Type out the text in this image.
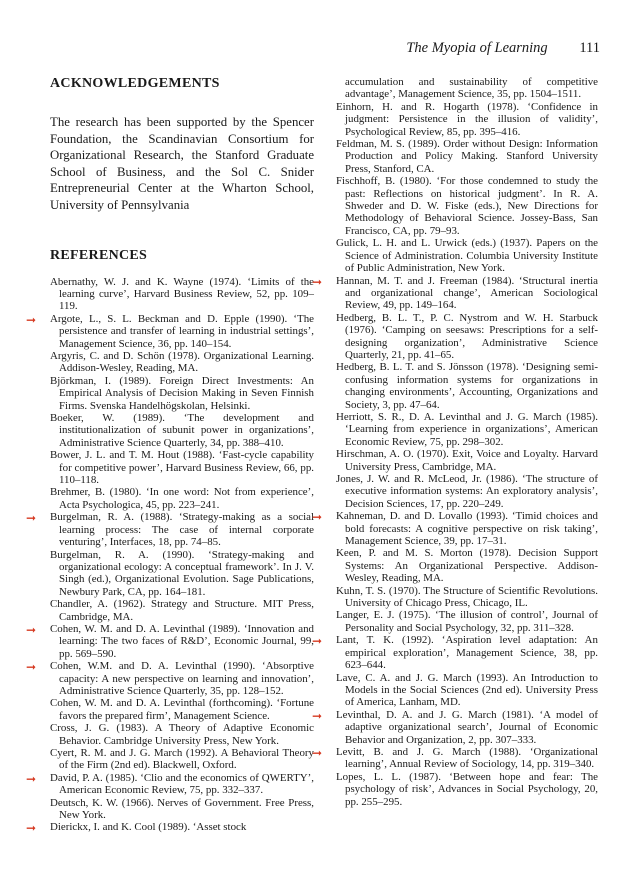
The Myopia of Learning 111
ACKNOWLEDGEMENTS

The research has been supported by the Spencer Foundation, the Scandinavian Consortium for Organizational Research, the Stanford Graduate School of Business, and the Sol C. Snider Entrepreneurial Center at the Wharton School, University of Pennsylvania

REFERENCES

Abernathy, W. J. and K. Wayne (1974). ‘Limits of the learning curve’, Harvard Business Review, 52, pp. 109–119.

➞ Argote, L., S. L. Beckman and D. Epple (1990). ‘The persistence and transfer of learning in industrial settings’, Management Science, 36, pp. 140–154.

Argyris, C. and D. Schön (1978). Organizational Learning. Addison-Wesley, Reading, MA.

Björkman, I. (1989). Foreign Direct Investments: An Empirical Analysis of Decision Making in Seven Finnish Firms. Svenska Handelhögskolan, Helsinki.

Boeker, W. (1989). ‘The development and institutionalization of subunit power in organizations’, Administrative Science Quarterly, 34, pp. 388–410.

Bower, J. L. and T. M. Hout (1988). ‘Fast-cycle capability for competitive power’, Harvard Business Review, 66, pp. 110–118.

Brehmer, B. (1980). ‘In one word: Not from experience’, Acta Psychologica, 45, pp. 223–241.

➞ Burgelman, R. A. (1988). ‘Strategy-making as a social learning process: The case of internal corporate venturing’, Interfaces, 18, pp. 74–85.

Burgelman, R. A. (1990). ‘Strategy-making and organizational ecology: A conceptual framework’. In J. V. Singh (ed.), Organizational Evolution. Sage Publications, Newbury Park, CA, pp. 164–181.

Chandler, A. (1962). Strategy and Structure. MIT Press, Cambridge, MA.

➞ Cohen, W. M. and D. A. Levinthal (1989). ‘Innovation and learning: The two faces of R&D’, Economic Journal, 99, pp. 569–590.

➞ Cohen, W.M. and D. A. Levinthal (1990). ‘Absorptive capacity: A new perspective on learning and innovation’, Administrative Science Quarterly, 35, pp. 128–152.

Cohen, W. M. and D. A. Levinthal (forthcoming). ‘Fortune favors the prepared firm’, Management Science.

Cross, J. G. (1983). A Theory of Adaptive Economic Behavior. Cambridge University Press, New York.

Cyert, R. M. and J. G. March (1992). A Behavioral Theory of the Firm (2nd ed). Blackwell, Oxford.

➞ David, P. A. (1985). ‘Clio and the economics of QWERTY’, American Economic Review, 75, pp. 332–337.

Deutsch, K. W. (1966). Nerves of Government. Free Press, New York.

➞ Dierickx, I. and K. Cool (1989). ‘Asset stock

accumulation and sustainability of competitive advantage’, Management Science, 35, pp. 1504–1511.

Einhorn, H. and R. Hogarth (1978). ‘Confidence in judgment: Persistence in the illusion of validity’, Psychological Review, 85, pp. 395–416.

Feldman, M. S. (1989). Order without Design: Information Production and Policy Making. Stanford University Press, Stanford, CA.

Fischhoff, B. (1980). ‘For those condemned to study the past: Reflections on historical judgment’. In R. A. Shweder and D. W. Fiske (eds.), New Directions for Methodology of Behavioral Science. Jossey-Bass, San Francisco, CA, pp. 79–93.

Gulick, L. H. and L. Urwick (eds.) (1937). Papers on the Science of Administration. Columbia University Institute of Public Administration, New York.

➞ Hannan, M. T. and J. Freeman (1984). ‘Structural inertia and organizational change’, American Sociological Review, 49, pp. 149–164.

Hedberg, B. L. T., P. C. Nystrom and W. H. Starbuck (1976). ‘Camping on seesaws: Prescriptions for a self-designing organization’, Administrative Science Quarterly, 21, pp. 41–65.

Hedberg, B. L. T. and S. Jönsson (1978). ‘Designing semi-confusing information systems for organizations in changing environments’, Accounting, Organizations and Society, 3, pp. 47–64.

Herriott, S. R., D. A. Levinthal and J. G. March (1985). ‘Learning from experience in organizations’, American Economic Review, 75, pp. 298–302.

Hirschman, A. O. (1970). Exit, Voice and Loyalty. Harvard University Press, Cambridge, MA.

Jones, J. W. and R. McLeod, Jr. (1986). ‘The structure of executive information systems: An exploratory analysis’, Decision Sciences, 17, pp. 220–249.

➞ Kahneman, D. and D. Lovallo (1993). ‘Timid choices and bold forecasts: A cognitive perspective on risk taking’, Management Science, 39, pp. 17–31.

Keen, P. and M. S. Morton (1978). Decision Support Systems: An Organizational Perspective. Addison-Wesley, Reading, MA.

Kuhn, T. S. (1970). The Structure of Scientific Revolutions. University of Chicago Press, Chicago, IL.

Langer, E. J. (1975). ‘The illusion of control’, Journal of Personality and Social Psychology, 32, pp. 311–328.

➞ Lant, T. K. (1992). ‘Aspiration level adaptation: An empirical exploration’, Management Science, 38, pp. 623–644.

Lave, C. A. and J. G. March (1993). An Introduction to Models in the Social Sciences (2nd ed). University Press of America, Lanham, MD.

➞ Levinthal, D. A. and J. G. March (1981). ‘A model of adaptive organizational search’, Journal of Economic Behavior and Organization, 2, pp. 307–333.

➞ Levitt, B. and J. G. March (1988). ‘Organizational learning’, Annual Review of Sociology, 14, pp. 319–340.

Lopes, L. L. (1987). ‘Between hope and fear: The psychology of risk’, Advances in Social Psychology, 20, pp. 255–295.
